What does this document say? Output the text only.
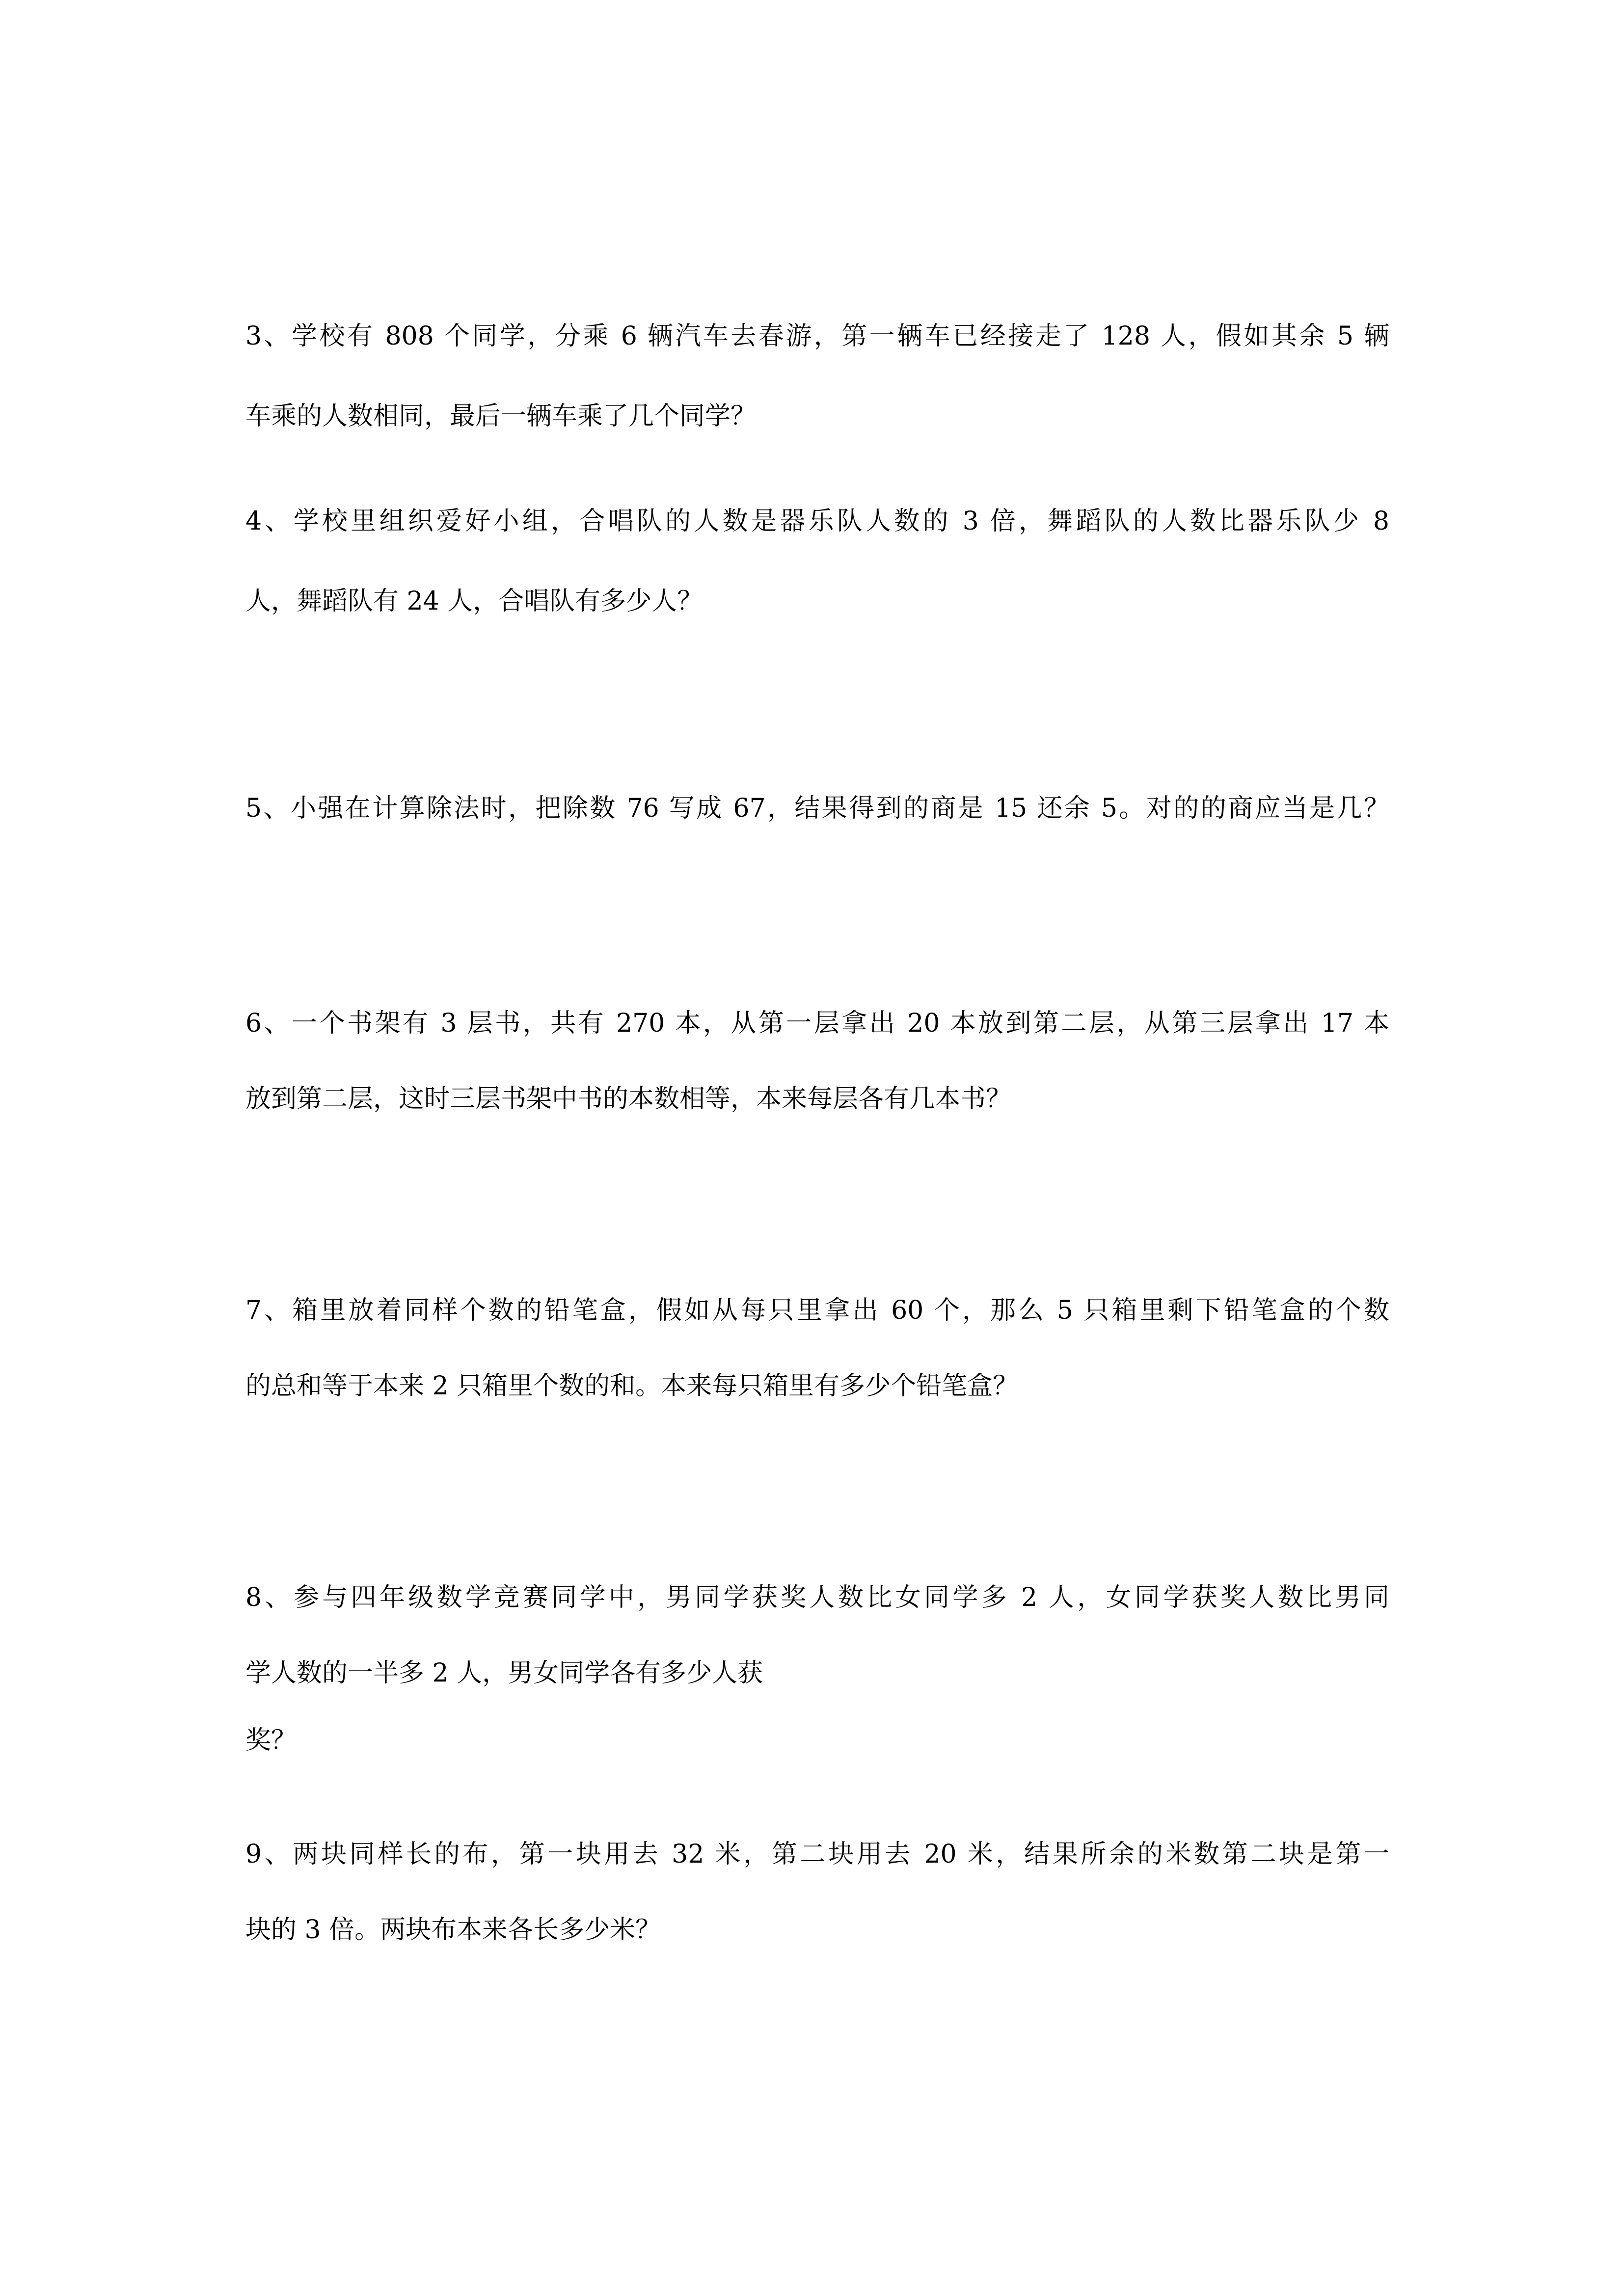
3、学校有 808 个同学，分乘 6 辆汽车去春游，第一辆车已经接走了 128 人，假如其余 5 辆

车乘的人数相同，最后一辆车乘了几个同学？

4、学校里组织爱好小组，合唱队的人数是器乐队人数的 3 倍，舞蹈队的人数比器乐队少 8

人，舞蹈队有 24 人，合唱队有多少人？

5、小强在计算除法时，把除数 76 写成 67，结果得到的商是 15 还余 5。对的的商应当是几？

6、一个书架有 3 层书，共有 270 本，从第一层拿出 20 本放到第二层，从第三层拿出 17 本

放到第二层，这时三层书架中书的本数相等，本来每层各有几本书？

7、箱里放着同样个数的铅笔盒，假如从每只里拿出 60 个，那么 5 只箱里剩下铅笔盒的个数

的总和等于本来 2 只箱里个数的和。本来每只箱里有多少个铅笔盒？

8、参与四年级数学竞赛同学中，男同学获奖人数比女同学多 2 人，女同学获奖人数比男同

学人数的一半多 2 人，男女同学各有多少人获

奖？

9、两块同样长的布，第一块用去 32 米，第二块用去 20 米，结果所余的米数第二块是第一

块的 3 倍。两块布本来各长多少米？
